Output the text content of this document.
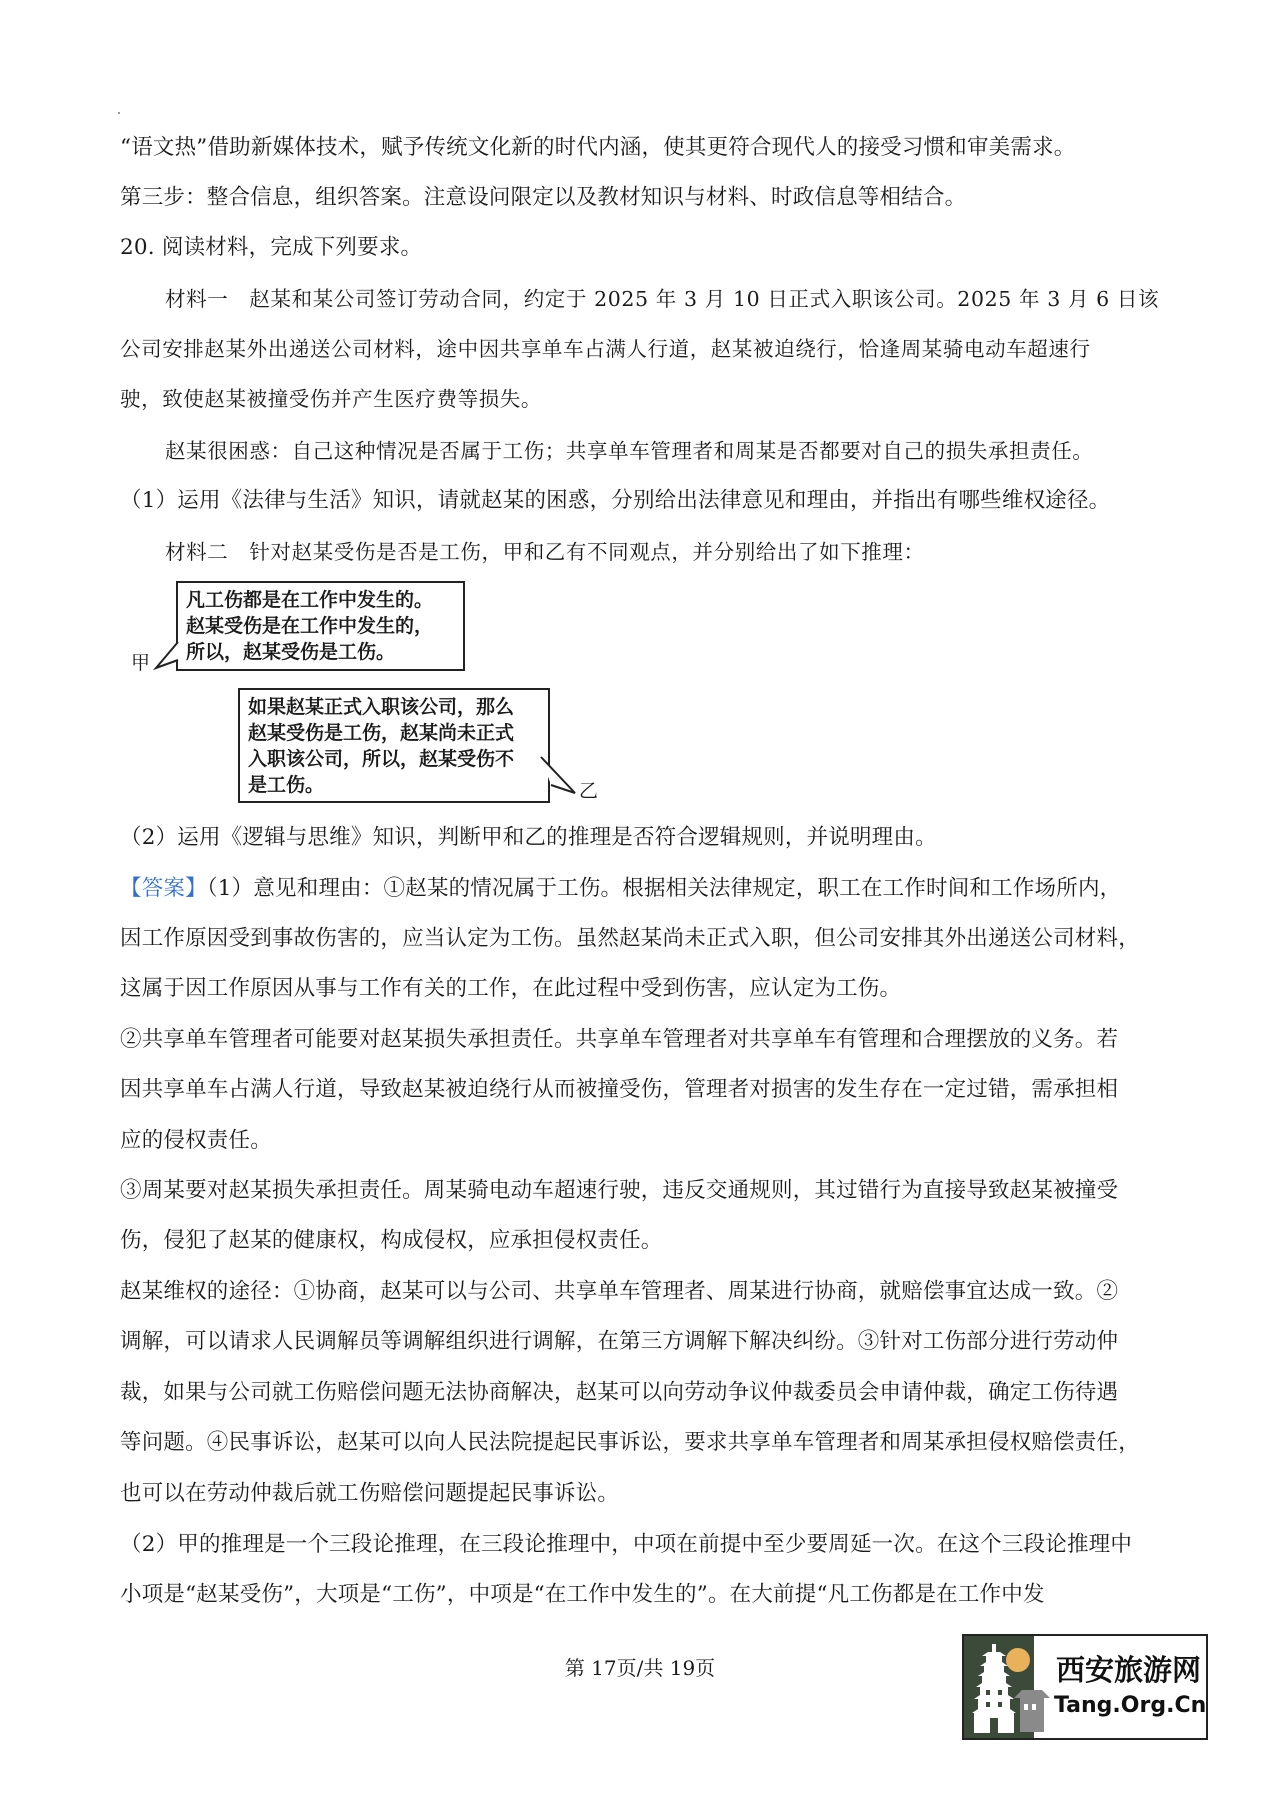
“语文热”借助新媒体技术，赋予传统文化新的时代内涵，使其更符合现代人的接受习惯和审美需求。
第三步：整合信息，组织答案。注意设问限定以及教材知识与材料、时政信息等相结合。
20. 阅读材料，完成下列要求。
材料一　赵某和某公司签订劳动合同，约定于 2025 年 3 月 10 日正式入职该公司。2025 年 3 月 6 日该
公司安排赵某外出递送公司材料，途中因共享单车占满人行道，赵某被迫绕行，恰逢周某骑电动车超速行
驶，致使赵某被撞受伤并产生医疗费等损失。
赵某很困惑：自己这种情况是否属于工伤；共享单车管理者和周某是否都要对自己的损失承担责任。
（1）运用《法律与生活》知识，请就赵某的困惑，分别给出法律意见和理由，并指出有哪些维权途径。
材料二　针对赵某受伤是否是工伤，甲和乙有不同观点，并分别给出了如下推理：
凡工伤都是在工作中发生的。
赵某受伤是在工作中发生的，
所以，赵某受伤是工伤。
甲
如果赵某正式入职该公司，那么
赵某受伤是工伤，赵某尚未正式
入职该公司，所以，赵某受伤不
是工伤。	乙
（2）运用《逻辑与思维》知识，判断甲和乙的推理是否符合逻辑规则，并说明理由。
【答案】（1）意见和理由：①赵某的情况属于工伤。根据相关法律规定，职工在工作时间和工作场所内，
因工作原因受到事故伤害的，应当认定为工伤。虽然赵某尚未正式入职，但公司安排其外出递送公司材料，
这属于因工作原因从事与工作有关的工作，在此过程中受到伤害，应认定为工伤。
②共享单车管理者可能要对赵某损失承担责任。共享单车管理者对共享单车有管理和合理摆放的义务。若
因共享单车占满人行道，导致赵某被迫绕行从而被撞受伤，管理者对损害的发生存在一定过错，需承担相
应的侵权责任。
③周某要对赵某损失承担责任。周某骑电动车超速行驶，违反交通规则，其过错行为直接导致赵某被撞受
伤，侵犯了赵某的健康权，构成侵权，应承担侵权责任。
赵某维权的途径：①协商，赵某可以与公司、共享单车管理者、周某进行协商，就赔偿事宜达成一致。②
调解，可以请求人民调解员等调解组织进行调解，在第三方调解下解决纠纷。③针对工伤部分进行劳动仲
裁，如果与公司就工伤赔偿问题无法协商解决，赵某可以向劳动争议仲裁委员会申请仲裁，确定工伤待遇
等问题。④民事诉讼，赵某可以向人民法院提起民事诉讼，要求共享单车管理者和周某承担侵权赔偿责任，
也可以在劳动仲裁后就工伤赔偿问题提起民事诉讼。
（2）甲的推理是一个三段论推理，在三段论推理中，中项在前提中至少要周延一次。在这个三段论推理中
小项是“赵某受伤”，大项是“工伤”，中项是“在工作中发生的”。在大前提“凡工伤都是在工作中发
第 17页/共 19页	西安旅游网
Tang.Org.Cn
